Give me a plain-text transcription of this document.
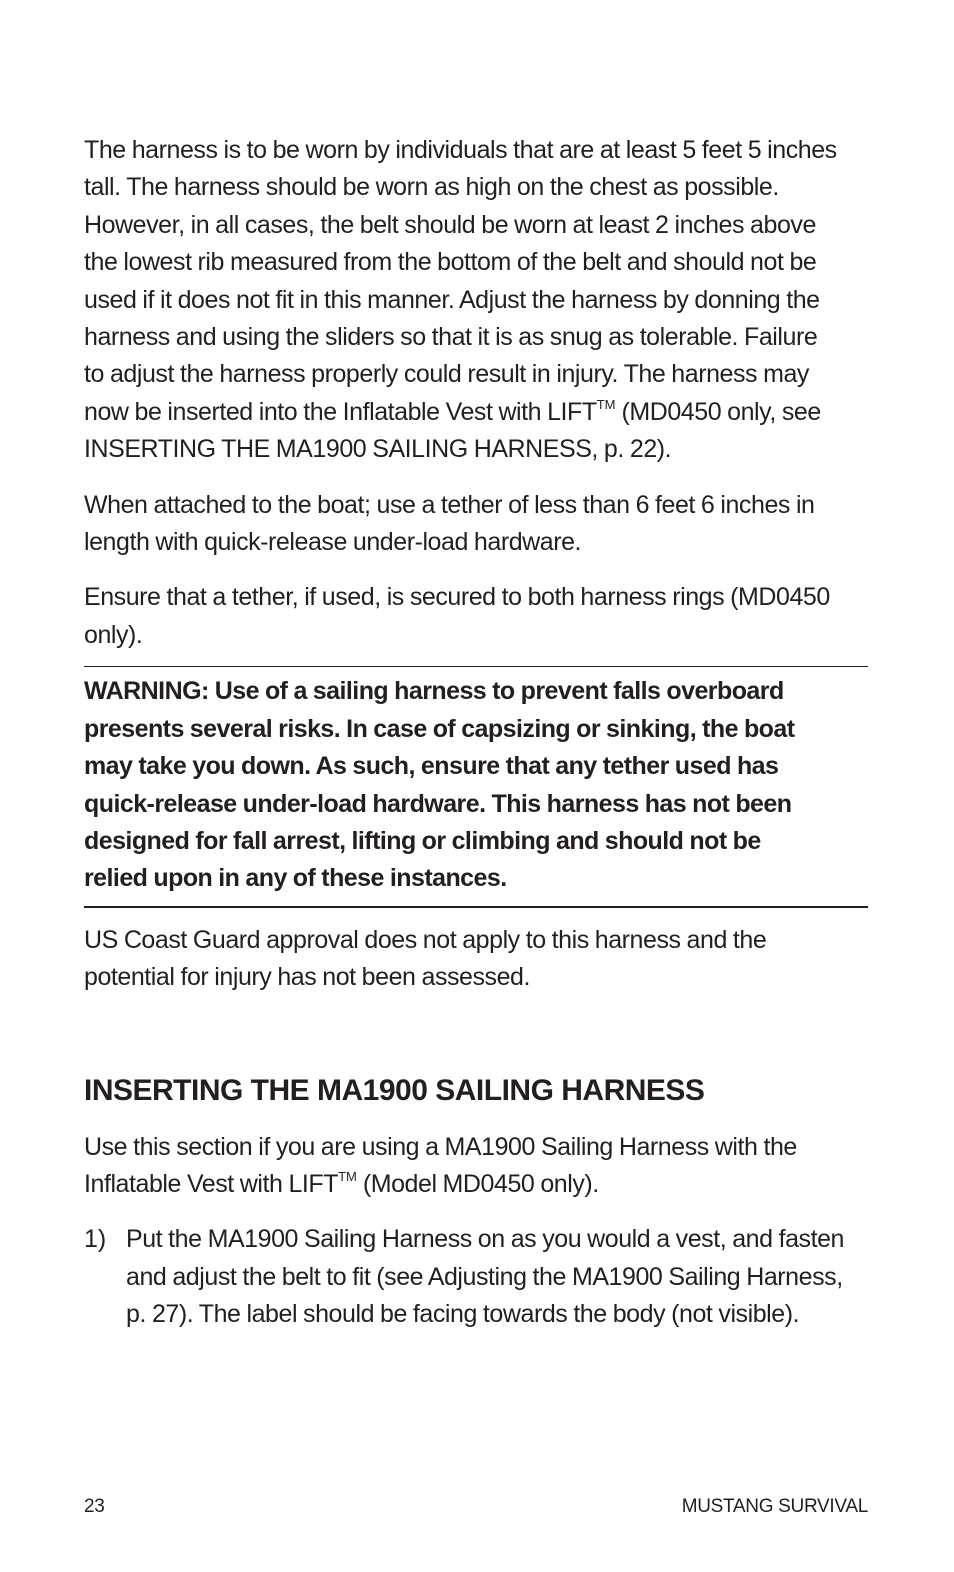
The harness is to be worn by individuals that are at least 5 feet 5 inches
tall. The harness should be worn as high on the chest as possible.
However, in all cases, the belt should be worn at least 2 inches above
the lowest rib measured from the bottom of the belt and should not be
used if it does not fit in this manner. Adjust the harness by donning the
harness and using the sliders so that it is as snug as tolerable. Failure
to adjust the harness properly could result in injury. The harness may
now be inserted into the Inflatable Vest with LIFT™ (MD0450 only, see
INSERTING THE MA1900 SAILING HARNESS, p. 22).

When attached to the boat; use a tether of less than 6 feet 6 inches in
length with quick-release under-load hardware.

Ensure that a tether, if used, is secured to both harness rings (MD0450
only).

WARNING: Use of a sailing harness to prevent falls overboard
presents several risks. In case of capsizing or sinking, the boat
may take you down. As such, ensure that any tether used has
quick-release under-load hardware. This harness has not been
designed for fall arrest, lifting or climbing and should not be
relied upon in any of these instances.

US Coast Guard approval does not apply to this harness and the
potential for injury has not been assessed.

INSERTING THE MA1900 SAILING HARNESS

Use this section if you are using a MA1900 Sailing Harness with the
Inflatable Vest with LIFT™ (Model MD0450 only).

1) Put the MA1900 Sailing Harness on as you would a vest, and fasten
and adjust the belt to fit (see Adjusting the MA1900 Sailing Harness,
p. 27). The label should be facing towards the body (not visible).

23	MUSTANG SURVIVAL
